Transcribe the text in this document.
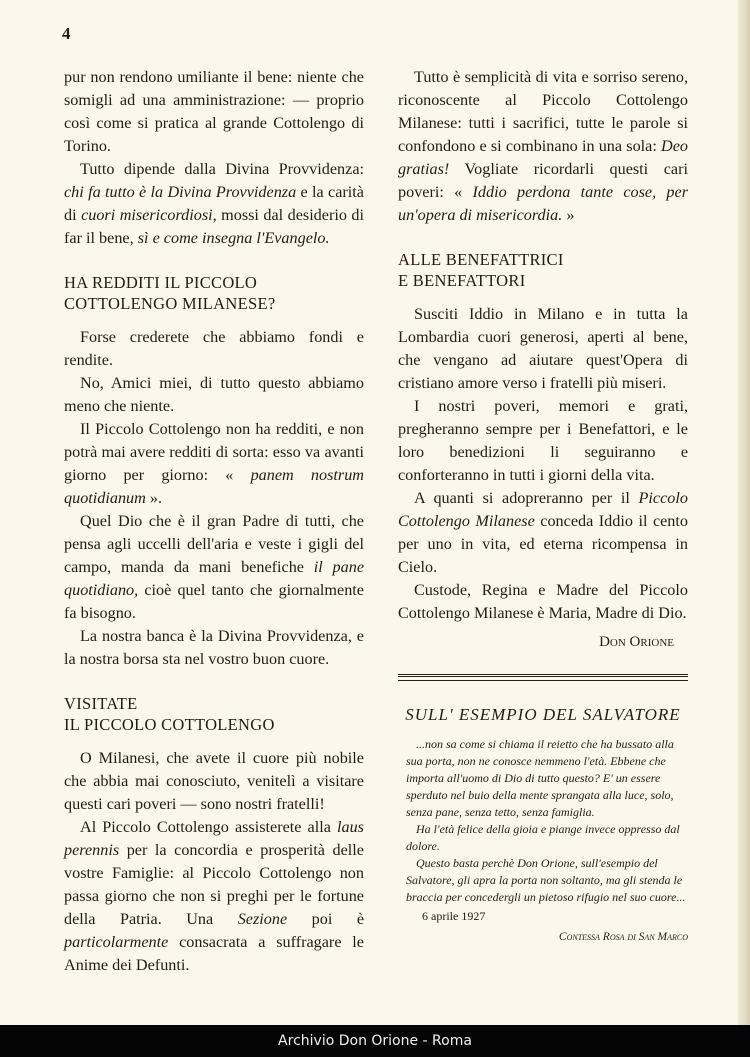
4

pur non rendono umiliante il bene: niente che somigli ad una amministrazione: — proprio così come si pratica al grande Cottolengo di Torino.

Tutto dipende dalla Divina Provvidenza: chi fa tutto è la Divina Provvidenza e la carità di cuori misericordiosi, mossi dal desiderio di far il bene, sì e come insegna l'Evangelo.

HA REDDITI IL PICCOLO
COTTOLENGO MILANESE?

Forse crederete che abbiamo fondi e rendite.

No, Amici miei, di tutto questo abbiamo meno che niente.

Il Piccolo Cottolengo non ha redditi, e non potrà mai avere redditi di sorta: esso va avanti giorno per giorno: « panem nostrum quotidianum ».

Quel Dio che è il gran Padre di tutti, che pensa agli uccelli dell'aria e veste i gigli del campo, manda da mani benefiche il pane quotidiano, cioè quel tanto che giornalmente fa bisogno.

La nostra banca è la Divina Provvidenza, e la nostra borsa sta nel vostro buon cuore.

VISITATE
IL PICCOLO COTTOLENGO

O Milanesi, che avete il cuore più nobile che abbia mai conosciuto, venitelì a visitare questi cari poveri — sono nostri fratelli!

Al Piccolo Cottolengo assisterete alla laus perennis per la concordia e prosperità delle vostre Famiglie: al Piccolo Cottolengo non passa giorno che non si preghi per le fortune della Patria. Una Sezione poi è particolarmente consacrata a suffragare le Anime dei Defunti.

Tutto è semplicità di vita e sorriso sereno, riconoscente al Piccolo Cottolengo Milanese: tutti i sacrifici, tutte le parole si confondono e si combinano in una sola: Deo gratias! Vogliate ricordarli questi cari poveri: « Iddio perdona tante cose, per un'opera di misericordia. »

ALLE BENEFATTRICI
E BENEFATTORI

Susciti Iddio in Milano e in tutta la Lombardia cuori generosi, aperti al bene, che vengano ad aiutare quest'Opera di cristiano amore verso i fratelli più miseri.

I nostri poveri, memori e grati, pregheranno sempre per i Benefattori, e le loro benedizioni li seguiranno e conforteranno in tutti i giorni della vita.

A quanti si adopreranno per il Piccolo Cottolengo Milanese conceda Iddio il cento per uno in vita, ed eterna ricompensa in Cielo.

Custode, Regina e Madre del Piccolo Cottolengo Milanese è Maria, Madre di Dio.

Don Orione
SULL' ESEMPIO DEL SALVATORE

...non sa come si chiama il reietto che ha bussato alla sua porta, non ne conosce nemmeno l'età. Ebbene che importa all'uomo di Dio di tutto questo? E' un essere sperduto nel buio della mente sprangata alla luce, solo, senza pane, senza tetto, senza famiglia.

Ha l'età felice della gioia e piange invece oppresso dal dolore.

Questo basta perchè Don Orione, sull'esempio del Salvatore, gli apra la porta non soltanto, ma gli stenda le braccia per concedergli un pietoso rifugio nel suo cuore...

6 aprile 1927
Contessa Rosa di San Marco
Archivio Don Orione - Roma
